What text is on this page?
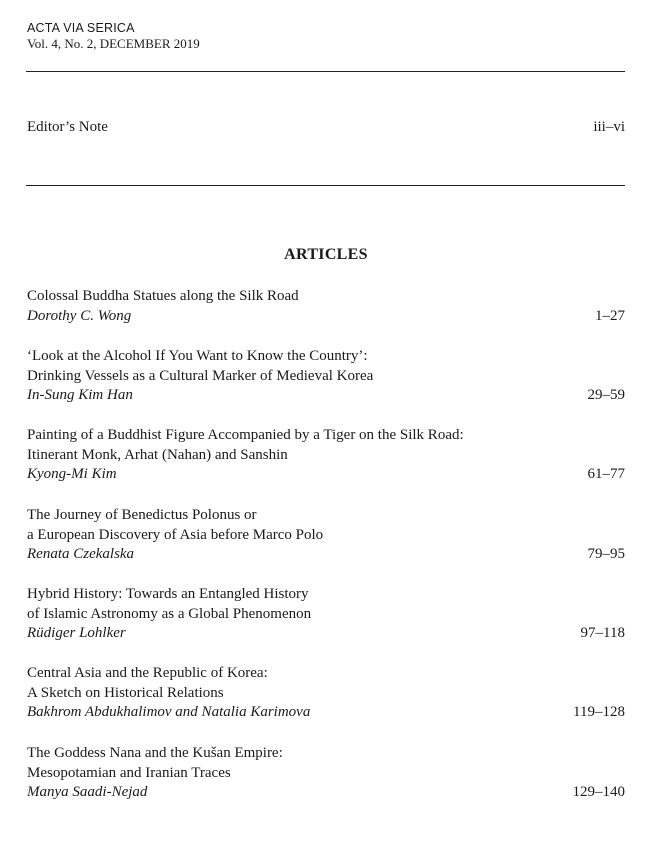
ACTA VIA SERICA
Vol. 4, No. 2, DECEMBER 2019
Editor’s Note	iii–vi
ARTICLES
Colossal Buddha Statues along the Silk Road
Dorothy C. Wong	1–27
‘Look at the Alcohol If You Want to Know the Country’:
Drinking Vessels as a Cultural Marker of Medieval Korea
In-Sung Kim Han	29–59
Painting of a Buddhist Figure Accompanied by a Tiger on the Silk Road:
Itinerant Monk, Arhat (Nahan) and Sanshin
Kyong-Mi Kim	61–77
The Journey of Benedictus Polonus or
a European Discovery of Asia before Marco Polo
Renata Czekalska	79–95
Hybrid History: Towards an Entangled History
of Islamic Astronomy as a Global Phenomenon
Rüdiger Lohlker	97–118
Central Asia and the Republic of Korea:
A Sketch on Historical Relations
Bakhrom Abdukhalimov and Natalia Karimova	119–128
The Goddess Nana and the Kušan Empire:
Mesopotamian and Iranian Traces
Manya Saadi-Nejad	129–140
